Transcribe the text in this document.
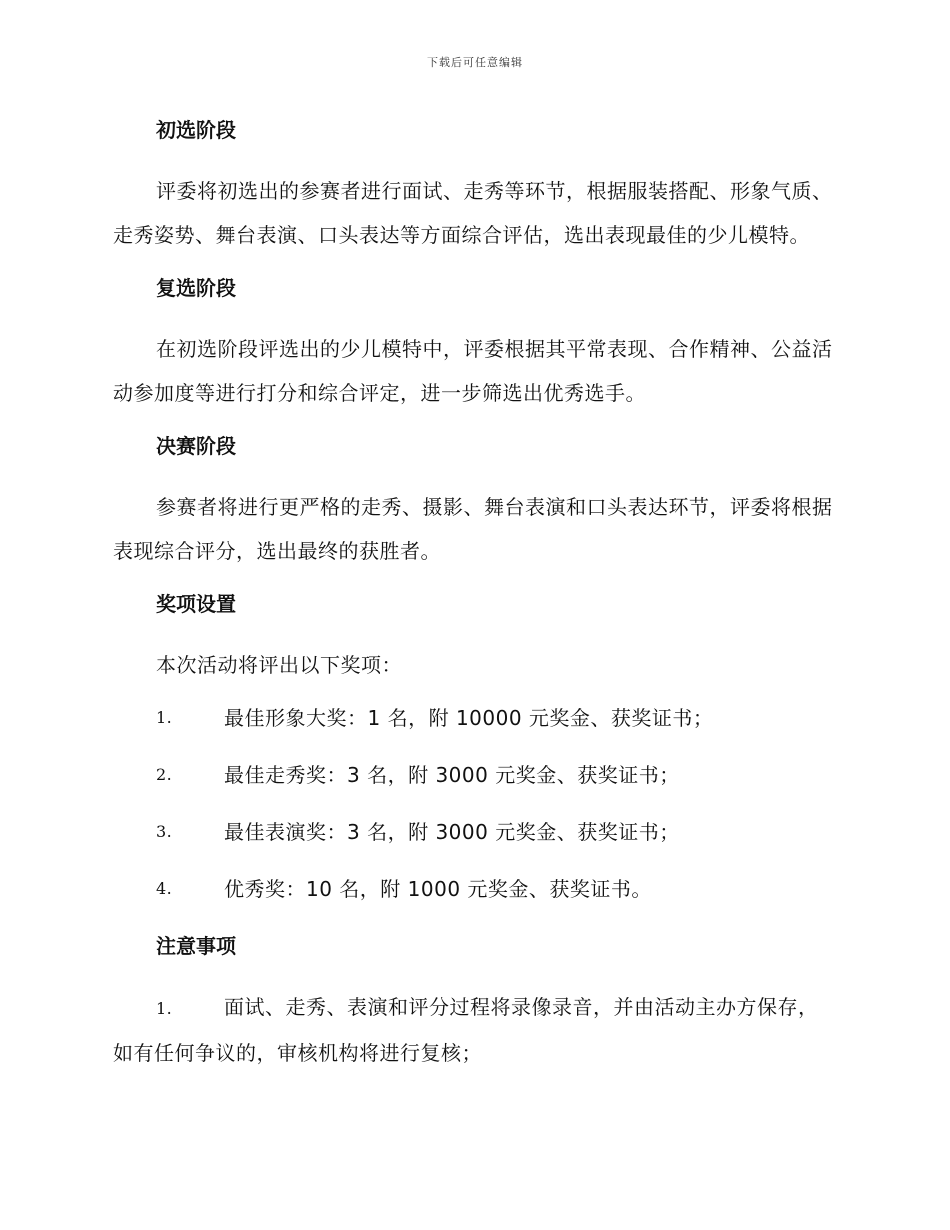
下载后可任意编辑
初选阶段

评委将初选出的参赛者进行面试、走秀等环节，根据服装搭配、形象气质、走秀姿势、舞台表演、口头表达等方面综合评估，选出表现最佳的少儿模特。

复选阶段

在初选阶段评选出的少儿模特中，评委根据其平常表现、合作精神、公益活动参加度等进行打分和综合评定，进一步筛选出优秀选手。

决赛阶段

参赛者将进行更严格的走秀、摄影、舞台表演和口头表达环节，评委将根据表现综合评分，选出最终的获胜者。

奖项设置

本次活动将评出以下奖项：

1.	最佳形象大奖：1 名，附 10000 元奖金、获奖证书；
2.	最佳走秀奖：3 名，附 3000 元奖金、获奖证书；
3.	最佳表演奖：3 名，附 3000 元奖金、获奖证书；
4.	优秀奖：10 名，附 1000 元奖金、获奖证书。
注意事项

1.	面试、走秀、表演和评分过程将录像录音，并由活动主办方保存，如有任何争议的，审核机构将进行复核；
